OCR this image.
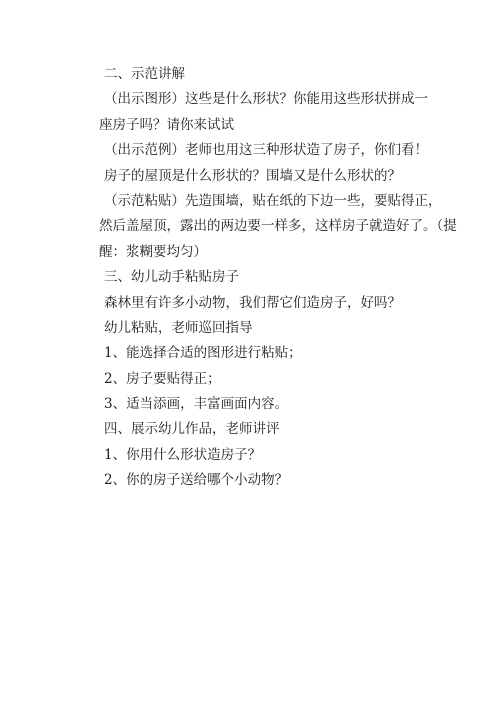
二、示范讲解
（出示图形）这些是什么形状？你能用这些形状拼成一
座房子吗？请你来试试
（出示范例）老师也用这三种形状造了房子，你们看！
房子的屋顶是什么形状的？围墙又是什么形状的？
（示范粘贴）先造围墙，贴在纸的下边一些，要贴得正，
然后盖屋顶，露出的两边要一样多，这样房子就造好了。（提
醒：浆糊要均匀）
三、幼儿动手粘贴房子
森林里有许多小动物，我们帮它们造房子，好吗？
幼儿粘贴，老师巡回指导
1、能选择合适的图形进行粘贴；
2、房子要贴得正；
3、适当添画，丰富画面内容。
四、展示幼儿作品，老师讲评
1、你用什么形状造房子？
2、你的房子送给哪个小动物？
